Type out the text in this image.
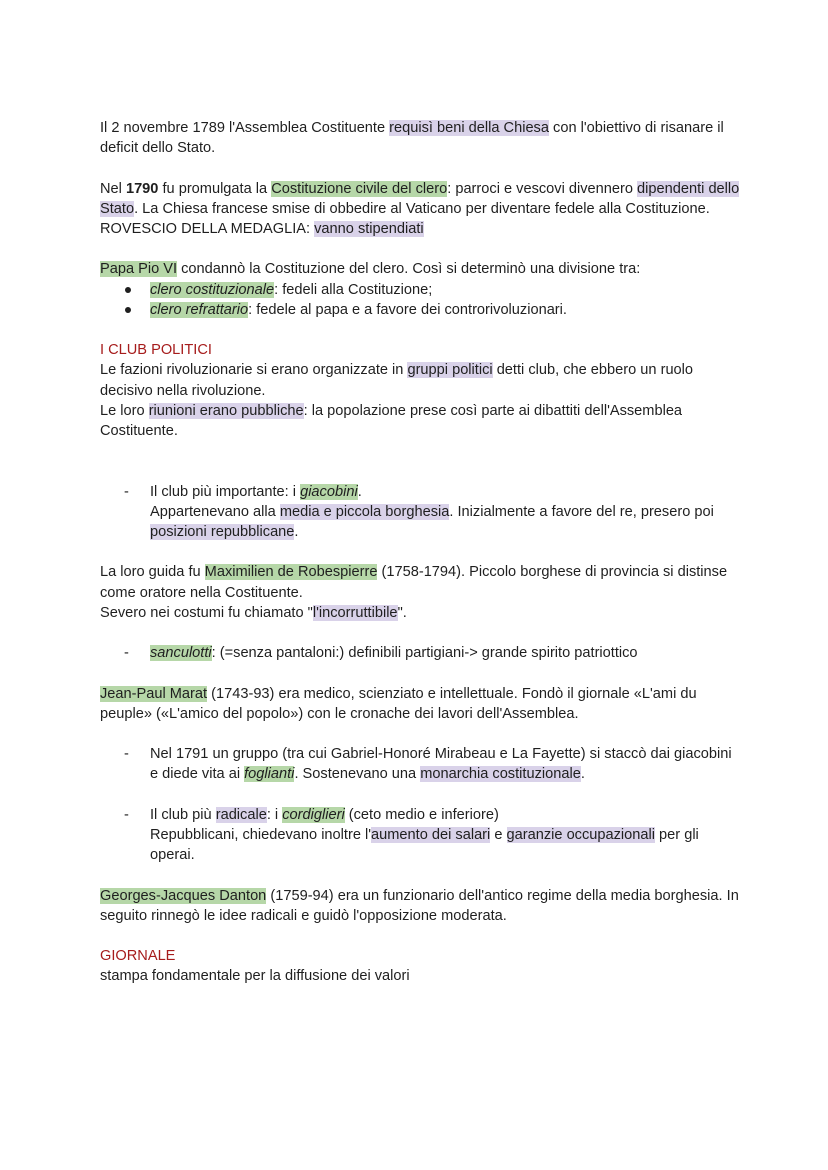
Il 2 novembre 1789 l'Assemblea Costituente requisì beni della Chiesa con l'obiettivo di risanare il deficit dello Stato.

Nel 1790 fu promulgata la Costituzione civile del clero: parroci e vescovi divennero dipendenti dello Stato. La Chiesa francese smise di obbedire al Vaticano per diventare fedele alla Costituzione.

ROVESCIO DELLA MEDAGLIA: vanno stipendiati

Papa Pio VI condannò la Costituzione del clero. Così si determinò una divisione tra:

clero costituzionale: fedeli alla Costituzione;

clero refrattario: fedele al papa e a favore dei controrivoluzionari.

I CLUB POLITICI

Le fazioni rivoluzionarie si erano organizzate in gruppi politici detti club, che ebbero un ruolo decisivo nella rivoluzione.

Le loro riunioni erano pubbliche: la popolazione prese così parte ai dibattiti dell'Assemblea Costituente.

- Il club più importante: i giacobini.
Appartenevano alla media e piccola borghesia. Inizialmente a favore del re, presero poi posizioni repubblicane.

La loro guida fu Maximilien de Robespierre (1758-1794). Piccolo borghese di provincia si distinse come oratore nella Costituente.

Severo nei costumi fu chiamato "l'incorruttibile".

- sanculotti: (=senza pantaloni:) definibili partigiani-> grande spirito patriottico

Jean-Paul Marat (1743-93) era medico, scienziato e intellettuale. Fondò il giornale «L'ami du peuple» («L'amico del popolo») con le cronache dei lavori dell'Assemblea.

- Nel 1791 un gruppo (tra cui Gabriel-Honoré Mirabeau e La Fayette) si staccò dai giacobini e diede vita ai foglianti. Sostenevano una monarchia costituzionale.

- Il club più radicale: i cordiglieri (ceto medio e inferiore)
Repubblicani, chiedevano inoltre l'aumento dei salari e garanzie occupazionali per gli operai.

Georges-Jacques Danton (1759-94) era un funzionario dell'antico regime della media borghesia. In seguito rinnegò le idee radicali e guidò l'opposizione moderata.

GIORNALE

stampa fondamentale per la diffusione dei valori
